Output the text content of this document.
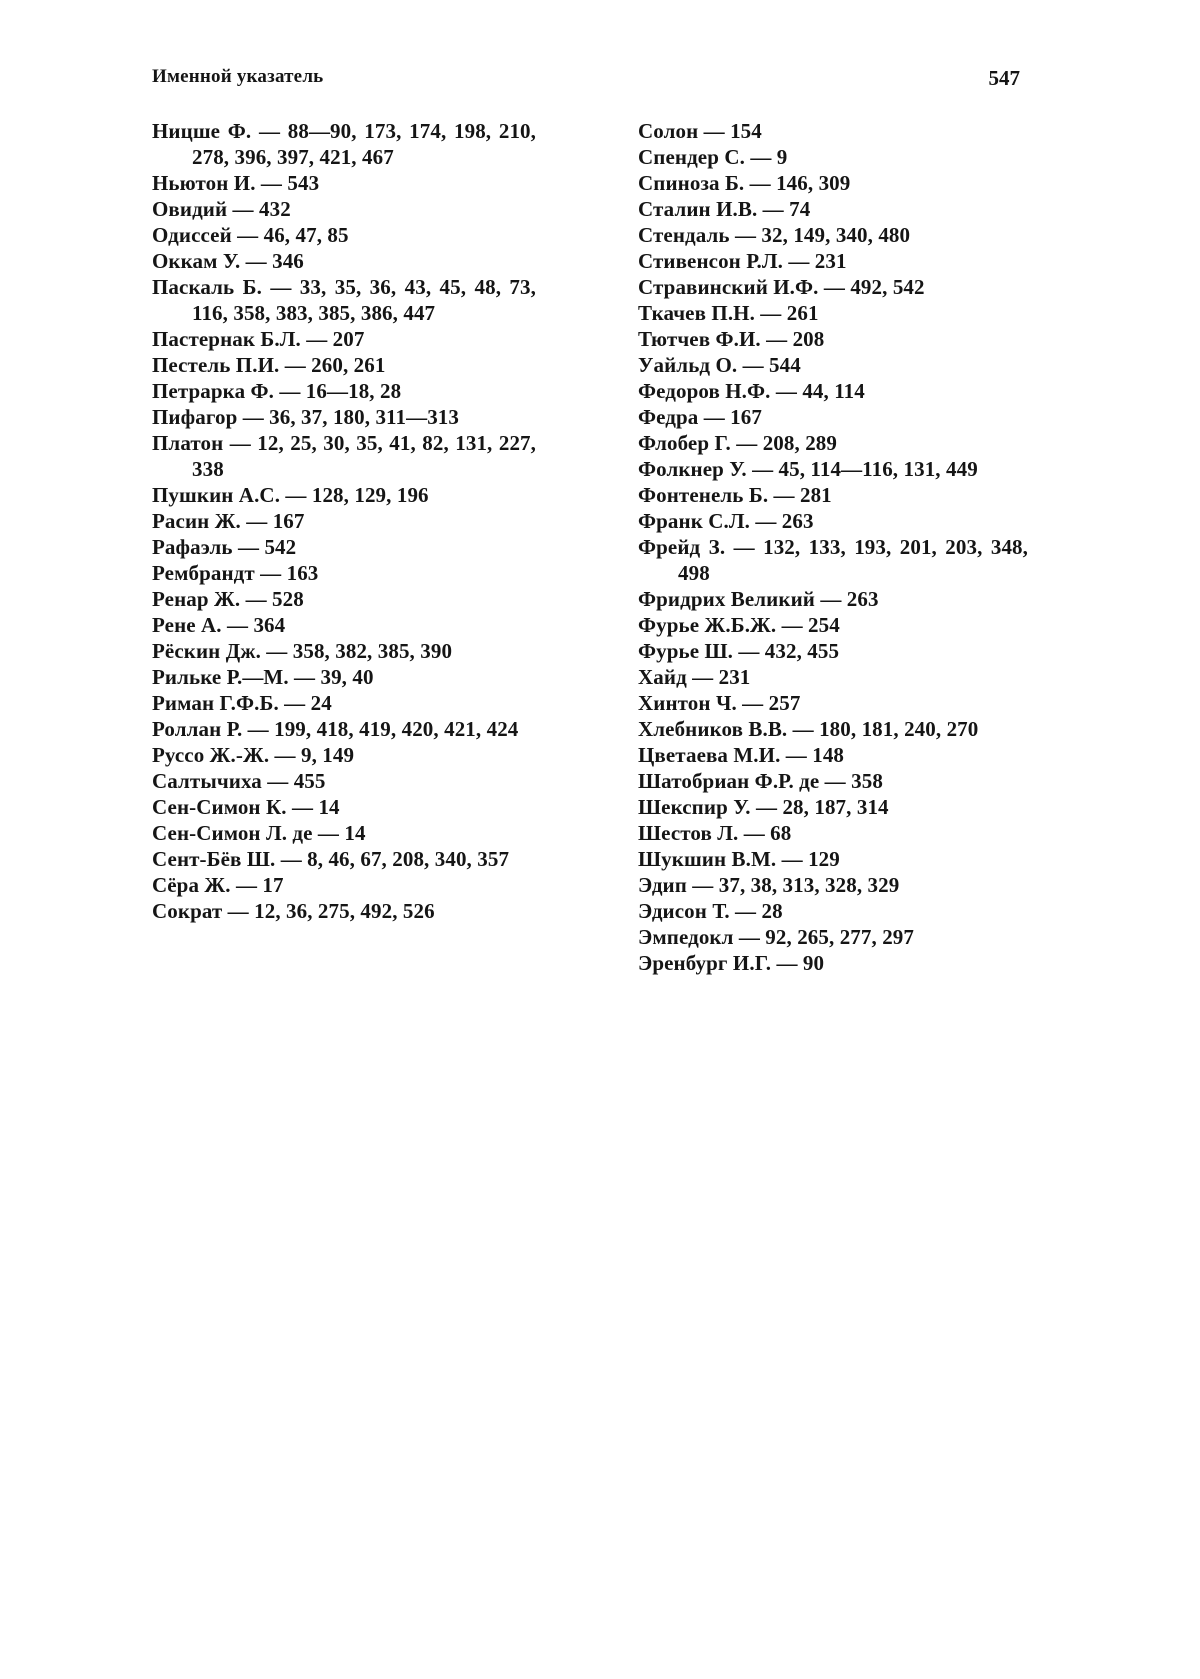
Именной указатель	547
Ницше Ф. — 88—90, 173, 174, 198, 210, 278, 396, 397, 421, 467
Ньютон И. — 543
Овидий — 432
Одиссей — 46, 47, 85
Оккам У. — 346
Паскаль Б. — 33, 35, 36, 43, 45, 48, 73, 116, 358, 383, 385, 386, 447
Пастернак Б.Л. — 207
Пестель П.И. — 260, 261
Петрарка Ф. — 16—18, 28
Пифагор — 36, 37, 180, 311—313
Платон — 12, 25, 30, 35, 41, 82, 131, 227, 338
Пушкин А.С. — 128, 129, 196
Расин Ж. — 167
Рафаэль — 542
Рембрандт — 163
Ренар Ж. — 528
Рене А. — 364
Рёскин Дж. — 358, 382, 385, 390
Рильке Р.—М. — 39, 40
Риман Г.Ф.Б. — 24
Роллан Р. — 199, 418, 419, 420, 421, 424
Руссо Ж.-Ж. — 9, 149
Салтычиха — 455
Сен-Симон К. — 14
Сен-Симон Л. де — 14
Сент-Бёв Ш. — 8, 46, 67, 208, 340, 357
Сёра Ж. — 17
Сократ — 12, 36, 275, 492, 526
Солон — 154
Спендер С. — 9
Спиноза Б. — 146, 309
Сталин И.В. — 74
Стендаль — 32, 149, 340, 480
Стивенсон Р.Л. — 231
Стравинский И.Ф. — 492, 542
Ткачев П.Н. — 261
Тютчев Ф.И. — 208
Уайльд О. — 544
Федоров Н.Ф. — 44, 114
Федра — 167
Флобер Г. — 208, 289
Фолкнер У. — 45, 114—116, 131, 449
Фонтенель Б. — 281
Франк С.Л. — 263
Фрейд З. — 132, 133, 193, 201, 203, 348, 498
Фридрих Великий — 263
Фурье Ж.Б.Ж. — 254
Фурье Ш. — 432, 455
Хайд — 231
Хинтон Ч. — 257
Хлебников В.В. — 180, 181, 240, 270
Цветаева М.И. — 148
Шатобриан Ф.Р. де — 358
Шекспир У. — 28, 187, 314
Шестов Л. — 68
Шукшин В.М. — 129
Эдип — 37, 38, 313, 328, 329
Эдисон Т. — 28
Эмпедокл — 92, 265, 277, 297
Эренбург И.Г. — 90
